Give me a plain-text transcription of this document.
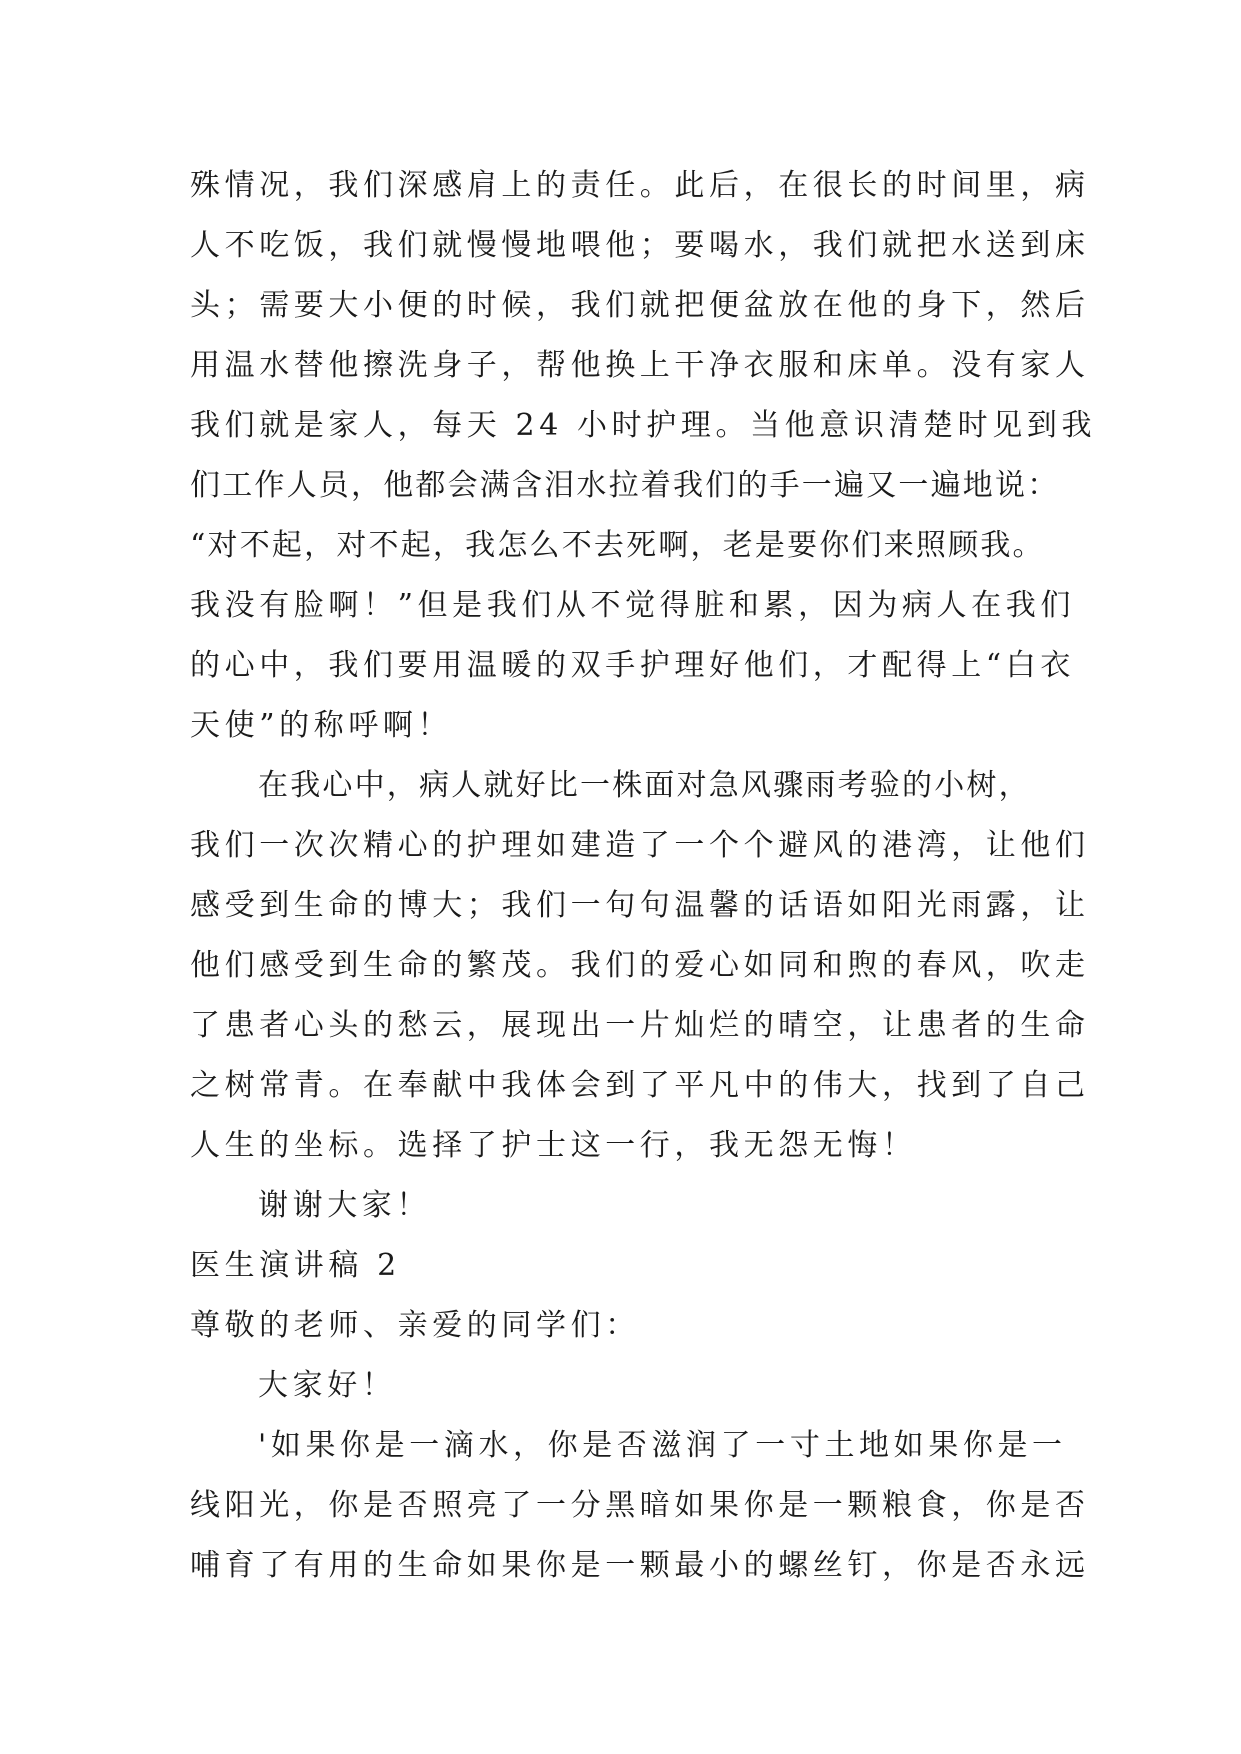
殊情况，我们深感肩上的责任。此后，在很长的时间里，病
人不吃饭，我们就慢慢地喂他；要喝水，我们就把水送到床
头；需要大小便的时候，我们就把便盆放在他的身下，然后
用温水替他擦洗身子，帮他换上干净衣服和床单。没有家人
我们就是家人，每天 24 小时护理。当他意识清楚时见到我
们工作人员，他都会满含泪水拉着我们的手一遍又一遍地说：
“对不起，对不起，我怎么不去死啊，老是要你们来照顾我。
我没有脸啊！”但是我们从不觉得脏和累，因为病人在我们
的心中，我们要用温暖的双手护理好他们，才配得上“白衣
天使”的称呼啊！
在我心中，病人就好比一株面对急风骤雨考验的小树，
我们一次次精心的护理如建造了一个个避风的港湾，让他们
感受到生命的博大；我们一句句温馨的话语如阳光雨露，让
他们感受到生命的繁茂。我们的爱心如同和煦的春风，吹走
了患者心头的愁云，展现出一片灿烂的晴空，让患者的生命
之树常青。在奉献中我体会到了平凡中的伟大，找到了自己
人生的坐标。选择了护士这一行，我无怨无悔！
谢谢大家！
医生演讲稿 2
尊敬的老师、亲爱的同学们：
大家好！
'如果你是一滴水，你是否滋润了一寸土地如果你是一
线阳光，你是否照亮了一分黑暗如果你是一颗粮食，你是否
哺育了有用的生命如果你是一颗最小的螺丝钉，你是否永远
